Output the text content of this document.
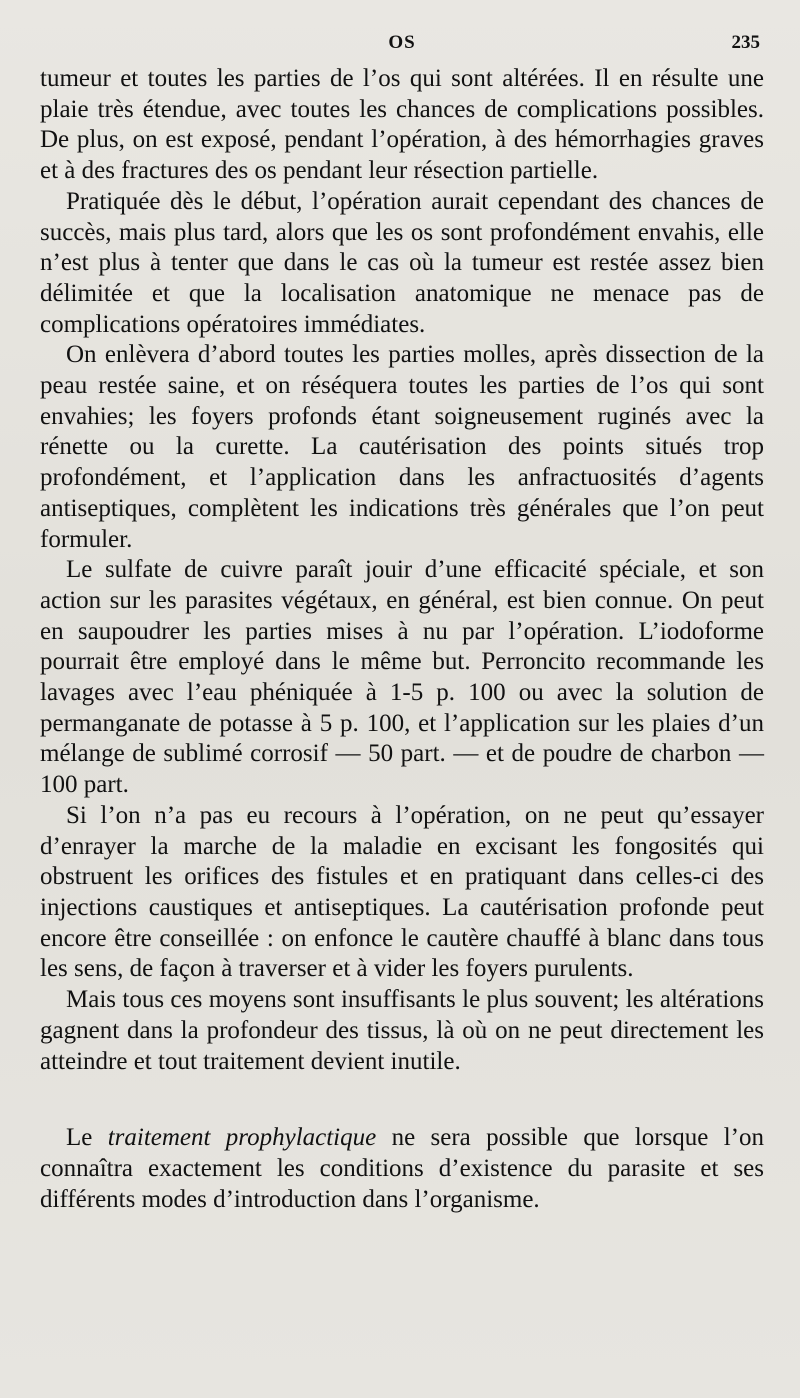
OS	235

tumeur et toutes les parties de l’os qui sont altérées. Il en résulte une plaie très étendue, avec toutes les chances de complications possibles. De plus, on est exposé, pendant l’opération, à des hémorrhagies graves et à des fractures des os pendant leur résection partielle.

Pratiquée dès le début, l’opération aurait cependant des chances de succès, mais plus tard, alors que les os sont profondément envahis, elle n’est plus à tenter que dans le cas où la tumeur est restée assez bien délimitée et que la localisation anatomique ne menace pas de complications opératoires immédiates.

On enlèvera d’abord toutes les parties molles, après dissection de la peau restée saine, et on réséquera toutes les parties de l’os qui sont envahies; les foyers profonds étant soigneusement ruginés avec la rénette ou la curette. La cautérisation des points situés trop profondément, et l’application dans les anfractuosités d’agents antiseptiques, complètent les indications très générales que l’on peut formuler.

Le sulfate de cuivre paraît jouir d’une efficacité spéciale, et son action sur les parasites végétaux, en général, est bien connue. On peut en saupoudrer les parties mises à nu par l’opération. L’iodoforme pourrait être employé dans le même but. Perroncito recommande les lavages avec l’eau phéniquée à 1-5 p. 100 ou avec la solution de permanganate de potasse à 5 p. 100, et l’application sur les plaies d’un mélange de sublimé corrosif — 50 part. — et de poudre de charbon — 100 part.

Si l’on n’a pas eu recours à l’opération, on ne peut qu’essayer d’enrayer la marche de la maladie en excisant les fongosités qui obstruent les orifices des fistules et en pratiquant dans celles-ci des injections caustiques et antiseptiques. La cautérisation profonde peut encore être conseillée : on enfonce le cautère chauffé à blanc dans tous les sens, de façon à traverser et à vider les foyers purulents.

Mais tous ces moyens sont insuffisants le plus souvent; les altérations gagnent dans la profondeur des tissus, là où on ne peut directement les atteindre et tout traitement devient inutile.

Le traitement prophylactique ne sera possible que lorsque l’on connaîtra exactement les conditions d’existence du parasite et ses différents modes d’introduction dans l’organisme.
